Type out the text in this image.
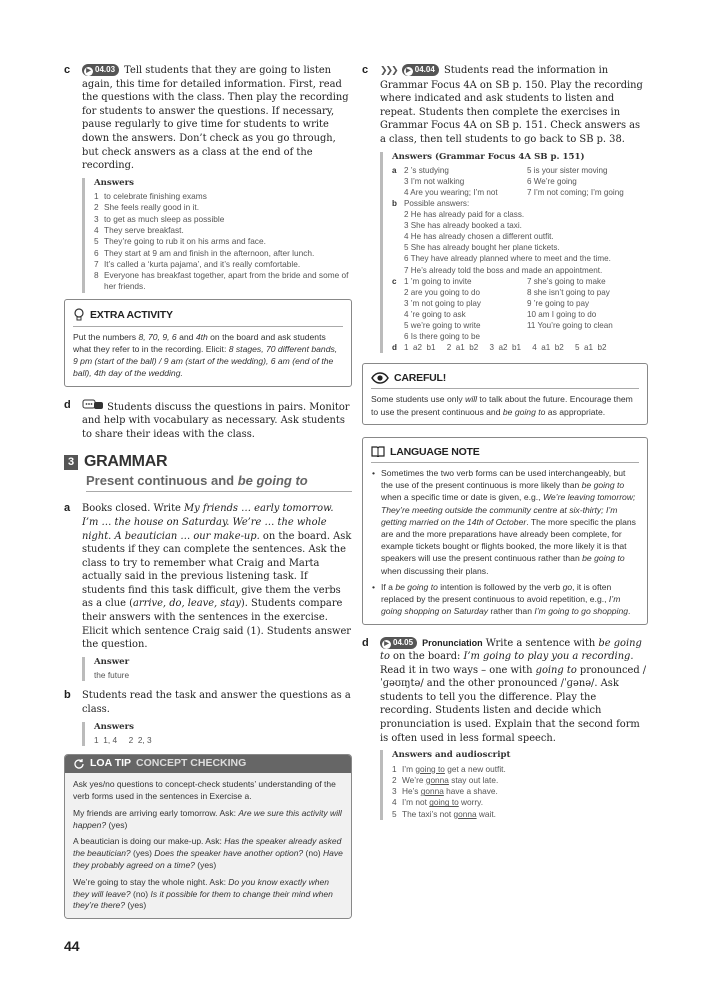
c	▶ 04.03 Tell students that they are going to listen again, this time for detailed information. First, read the questions with the class. Then play the recording for students to answer the questions. If necessary, pause regularly to give time for students to write down the answers. Don’t check as you go through, but check answers as a class at the end of the recording.
Answers
1 to celebrate finishing exams
2 She feels really good in it.
3 to get as much sleep as possible
4 They serve breakfast.
5 They’re going to rub it on his arms and face.
6 They start at 9 am and finish in the afternoon, after lunch.
7 It’s called a ‘kurta pajama’, and it’s really comfortable.
8 Everyone has breakfast together, apart from the bride and some of her friends.
EXTRA ACTIVITY
Put the numbers 8, 70, 9, 6 and 4th on the board and ask students what they refer to in the recording. Elicit: 8 stages, 70 different bands, 9 pm (start of the ball) / 9 am (start of the wedding), 6 am (end of the ball), 4th day of the wedding.
d	Students discuss the questions in pairs. Monitor and help with vocabulary as necessary. Ask students to share their ideas with the class.
3 GRAMMAR
Present continuous and be going to
a Books closed. Write My friends … early tomorrow. I’m … the house on Saturday. We’re … the whole night. A beautician … our make-up. on the board. Ask students if they can complete the sentences. Ask the class to try to remember what Craig and Marta actually said in the previous listening task. If students find this task difficult, give them the verbs as a clue (arrive, do, leave, stay). Students compare their answers with the sentences in the exercise. Elicit which sentence Craig said (1). Students answer the question.
Answer
the future
b Students read the task and answer the questions as a class.
Answers
1  1, 4     2  2, 3
LOA TIP CONCEPT CHECKING

Ask yes/no questions to concept-check students’ understanding of the verb forms used in the sentences in Exercise a.

My friends are arriving early tomorrow. Ask: Are we sure this activity will happen? (yes)

A beautician is doing our make-up. Ask: Has the speaker already asked the beautician? (yes) Does the speaker have another option? (no) Have they probably agreed on a time? (yes)

We’re going to stay the whole night. Ask: Do you know exactly when they will leave? (no) Is it possible for them to change their mind when they’re there? (yes)

c ❯❯❯ ▶ 04.04 Students read the information in Grammar Focus 4A on SB p. 150. Play the recording where indicated and ask students to listen and repeat. Students then complete the exercises in Grammar Focus 4A on SB p. 151. Check answers as a class, then tell students to go back to SB p. 38.
Answers (Grammar Focus 4A SB p. 151)
a 2 ’s studying	5 is your sister moving
3 I’m not walking	6 We’re going
4 Are you wearing; I’m not	7 I’m not coming; I’m going
b Possible answers:
2 He has already paid for a class.
3 She has already booked a taxi.
4 He has already chosen a different outfit.
5 She has already bought her plane tickets.
6 They have already planned where to meet and the time.
7 He’s already told the boss and made an appointment.
c 1 ’m going to invite	7 she’s going to make
2 are you going to do	8 she isn’t going to pay
3 ’m not going to play	9 ’re going to pay
4 ’re going to ask	10 am I going to do
5 we’re going to write	11 You’re going to clean
6 Is there going to be
d 1  a2  b1     2  a1  b2     3  a2  b1     4  a1  b2     5  a1  b2
CAREFUL!
Some students use only will to talk about the future. Encourage them to use the present continuous and be going to as appropriate.
LANGUAGE NOTE
• Sometimes the two verb forms can be used interchangeably, but the use of the present continuous is more likely than be going to when a specific time or date is given, e.g., We’re leaving tomorrow; They’re meeting outside the community centre at six-thirty; I’m getting married on the 14th of October. The more specific the plans are and the more preparations have already been complete, for example tickets bought or flights booked, the more likely it is that speakers will use the present continuous rather than be going to when discussing their plans.
• If a be going to intention is followed by the verb go, it is often replaced by the present continuous to avoid repetition, e.g., I’m going shopping on Saturday rather than I’m going to go shopping.
d	▶ 04.05 Pronunciation Write a sentence with be going to on the board: I’m going to play you a recording. Read it in two ways – one with going to pronounced /ˈɡəʊɪŋtə/ and the other pronounced /ˈɡənə/. Ask students to tell you the difference. Play the recording. Students listen and decide which pronunciation is used. Explain that the second form is often used in less formal speech.
Answers and audioscript
1 I’m going to get a new outfit.
2 We’re gonna stay out late.
3 He’s gonna have a shave.
4 I’m not going to worry.
5 The taxi’s not gonna wait.
44
